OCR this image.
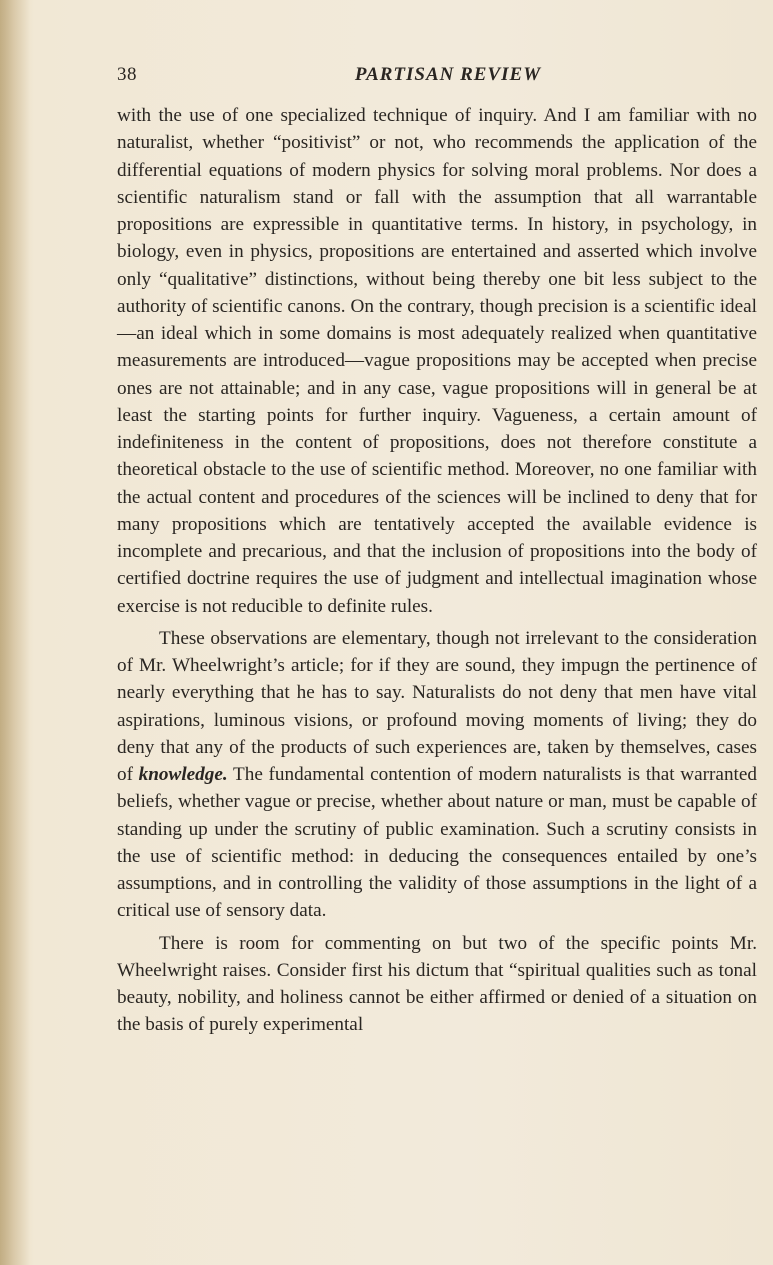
38	PARTISAN REVIEW

with the use of one specialized technique of inquiry. And I am familiar with no naturalist, whether “positivist” or not, who recommends the application of the differential equations of modern physics for solving moral problems. Nor does a scientific naturalism stand or fall with the assumption that all warrantable propositions are expressible in quantitative terms. In history, in psychology, in biology, even in physics, propositions are entertained and asserted which involve only “qualitative” distinctions, without being thereby one bit less subject to the authority of scientific canons. On the contrary, though precision is a scientific ideal—an ideal which in some domains is most adequately realized when quantitative measurements are introduced—vague propositions may be accepted when precise ones are not attainable; and in any case, vague propositions will in general be at least the starting points for further inquiry. Vagueness, a certain amount of indefiniteness in the content of propositions, does not therefore constitute a theoretical obstacle to the use of scientific method. Moreover, no one familiar with the actual content and procedures of the sciences will be inclined to deny that for many propositions which are tentatively accepted the available evidence is incomplete and precarious, and that the inclusion of propositions into the body of certified doctrine requires the use of judgment and intellectual imagination whose exercise is not reducible to definite rules.

These observations are elementary, though not irrelevant to the consideration of Mr. Wheelwright’s article; for if they are sound, they impugn the pertinence of nearly everything that he has to say. Naturalists do not deny that men have vital aspirations, luminous visions, or profound moving moments of living; they do deny that any of the products of such experiences are, taken by themselves, cases of knowledge. The fundamental contention of modern naturalists is that warranted beliefs, whether vague or precise, whether about nature or man, must be capable of standing up under the scrutiny of public examination. Such a scrutiny consists in the use of scientific method: in deducing the consequences entailed by one’s assumptions, and in controlling the validity of those assumptions in the light of a critical use of sensory data.

There is room for commenting on but two of the specific points Mr. Wheelwright raises. Consider first his dictum that “spiritual qualities such as tonal beauty, nobility, and holiness cannot be either affirmed or denied of a situation on the basis of purely experimental
